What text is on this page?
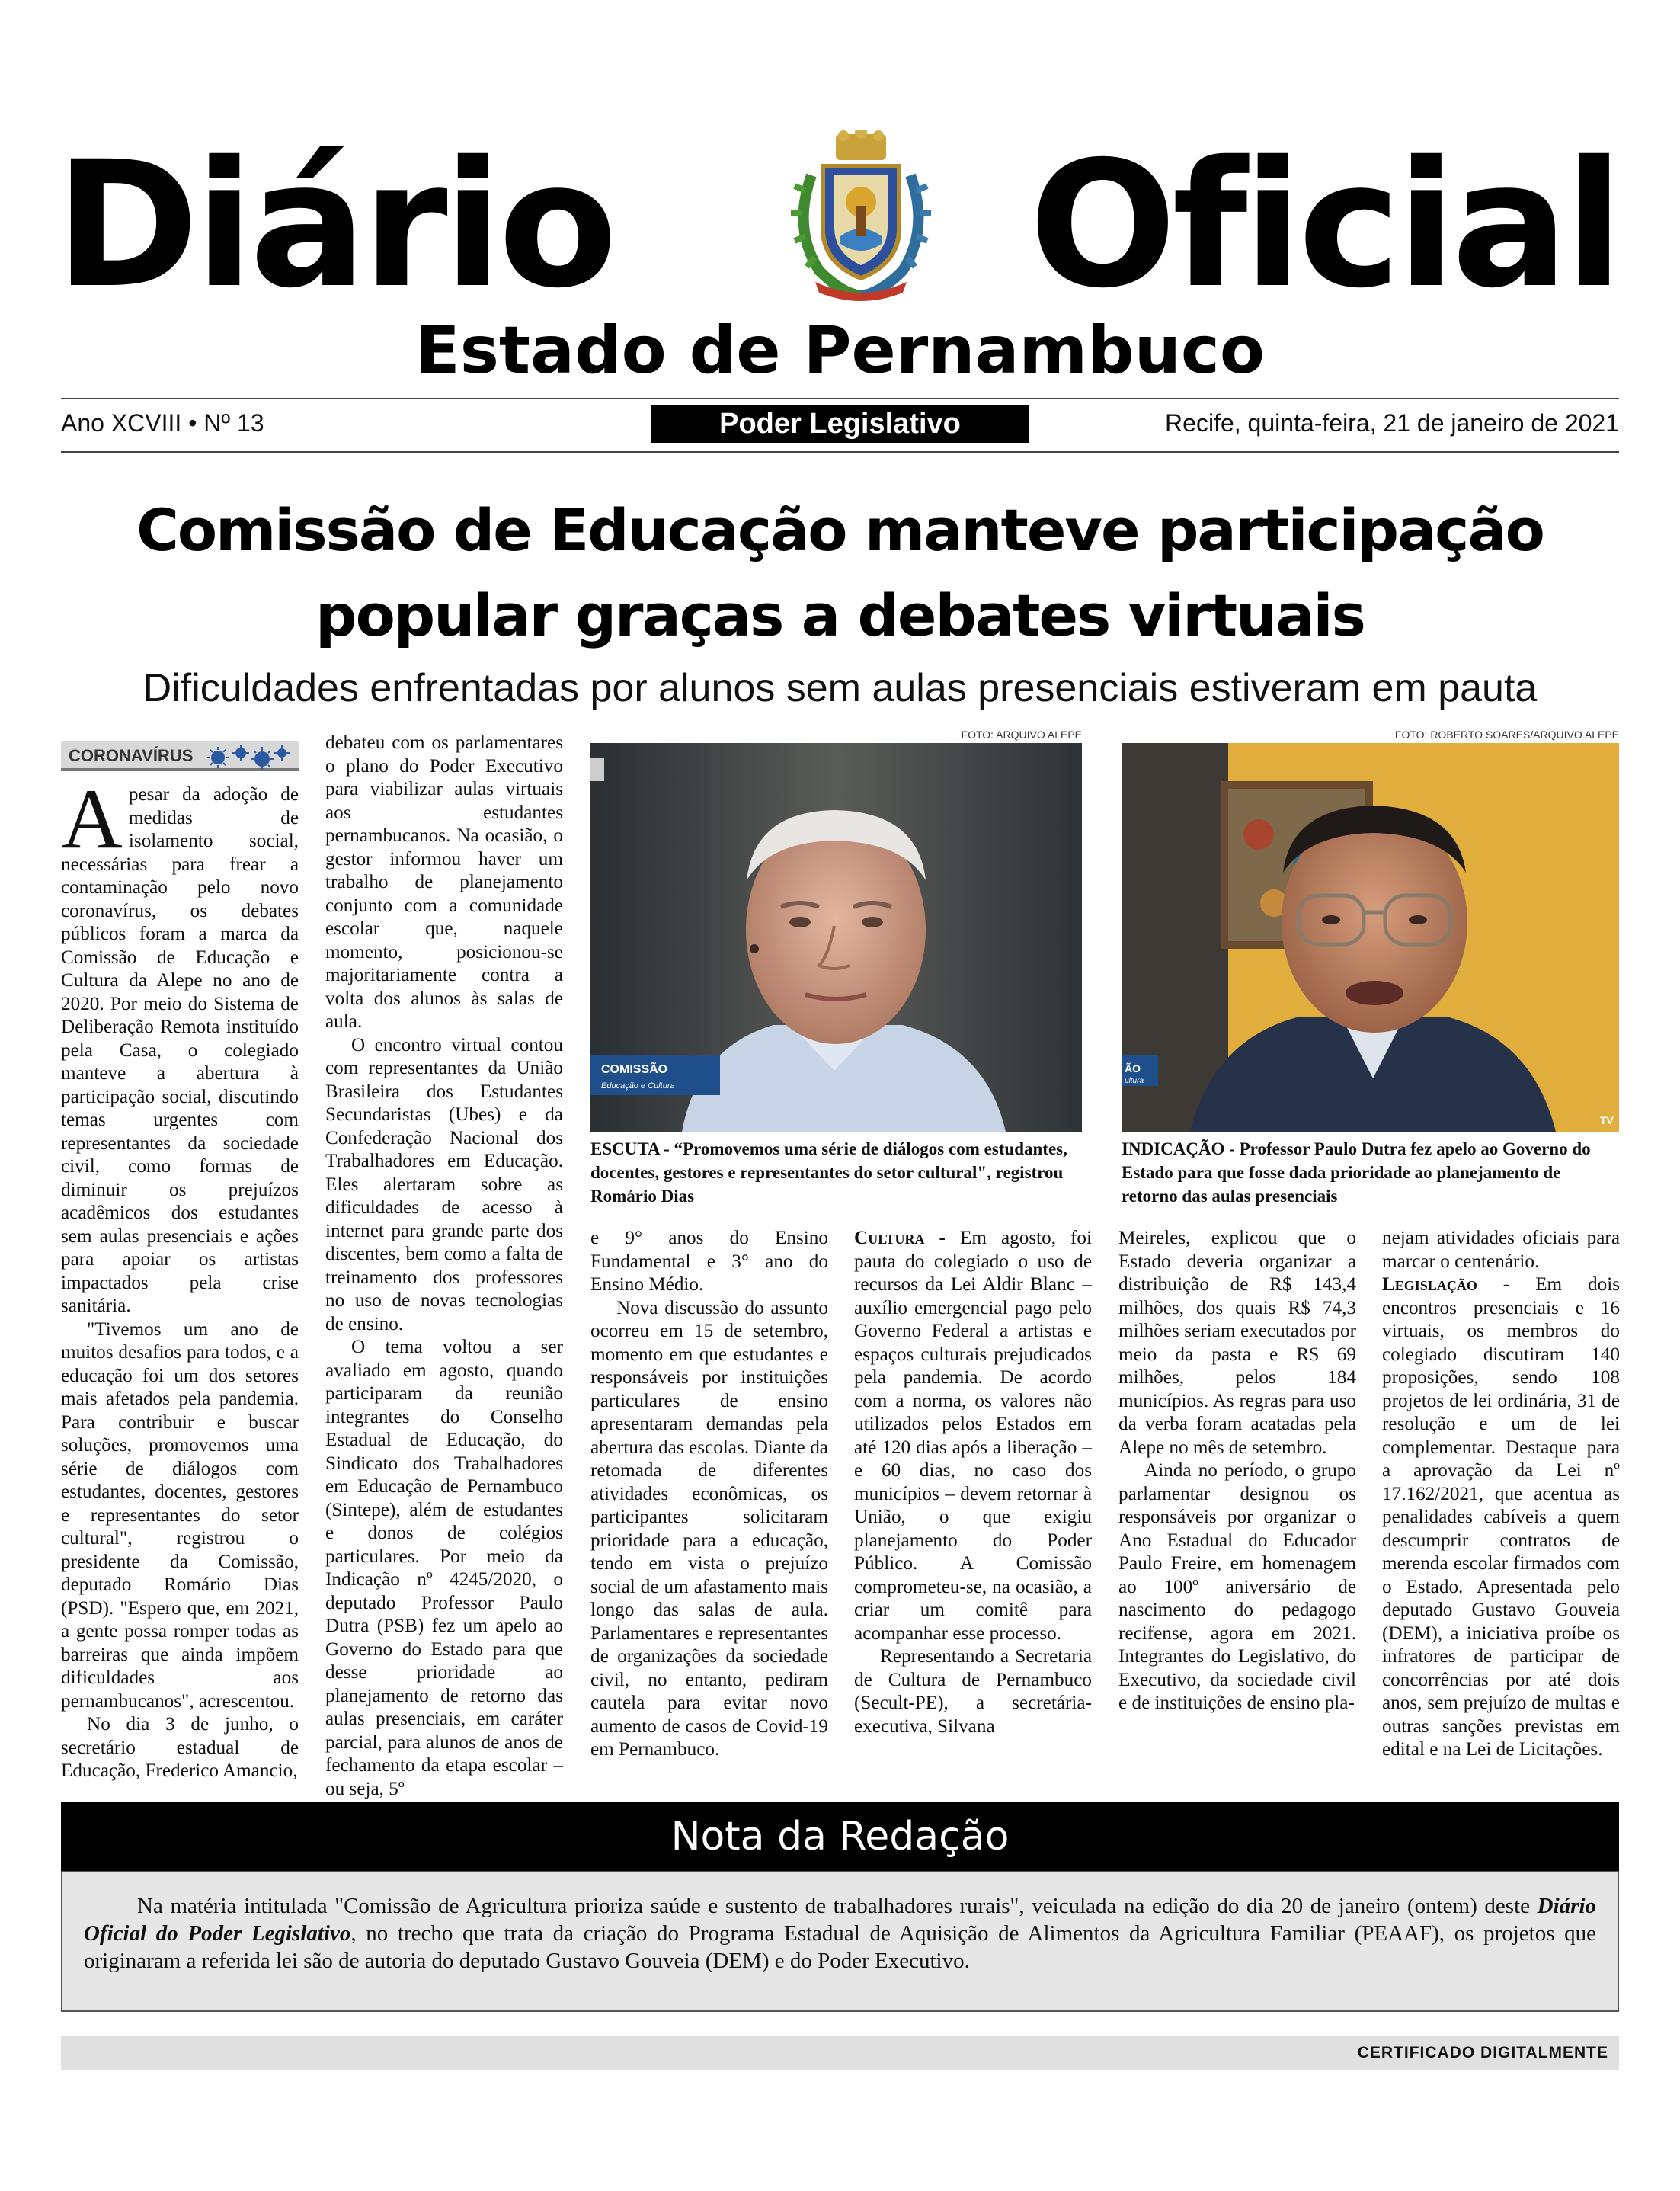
Diário Oficial
Estado de Pernambuco
Ano XCVIII • Nº 13	Poder Legislativo	Recife, quinta-feira, 21 de janeiro de 2021
Comissão de Educação manteve participação
popular graças a debates virtuais
Dificuldades enfrentadas por alunos sem aulas presenciais estiveram em pauta
CORONAVÍRUS

Apesar da adoção de medidas de isolamento social, necessárias para frear a contaminação pelo novo coronavírus, os debates públicos foram a marca da Comissão de Educação e Cultura da Alepe no ano de 2020. Por meio do Sistema de Deliberação Remota instituído pela Casa, o colegiado manteve a abertura à participação social, discutindo temas urgentes com representantes da sociedade civil, como formas de diminuir os prejuízos acadêmicos dos estudantes sem aulas presenciais e ações para apoiar os artistas impactados pela crise sanitária.

"Tivemos um ano de muitos desafios para todos, e a educação foi um dos setores mais afetados pela pandemia. Para contribuir e buscar soluções, promovemos uma série de diálogos com estudantes, docentes, gestores e representantes do setor cultural", registrou o presidente da Comissão, deputado Romário Dias (PSD). "Espero que, em 2021, a gente possa romper todas as barreiras que ainda impõem dificuldades aos pernambucanos", acrescentou.

No dia 3 de junho, o secretário estadual de Educação, Frederico Amancio,

debateu com os parlamentares o plano do Poder Executivo para viabilizar aulas virtuais aos estudantes pernambucanos. Na ocasião, o gestor informou haver um trabalho de planejamento conjunto com a comunidade escolar que, naquele momento, posicionou-se majoritariamente contra a volta dos alunos às salas de aula.

O encontro virtual contou com representantes da União Brasileira dos Estudantes Secundaristas (Ubes) e da Confederação Nacional dos Trabalhadores em Educação. Eles alertaram sobre as dificuldades de acesso à internet para grande parte dos discentes, bem como a falta de treinamento dos professores no uso de novas tecnologias de ensino.

O tema voltou a ser avaliado em agosto, quando participaram da reunião integrantes do Conselho Estadual de Educação, do Sindicato dos Trabalhadores em Educação de Pernambuco (Sintepe), além de estudantes e donos de colégios particulares. Por meio da Indicação nº 4245/2020, o deputado Professor Paulo Dutra (PSB) fez um apelo ao Governo do Estado para que desse prioridade ao planejamento de retorno das aulas presenciais, em caráter parcial, para alunos de anos de fechamento da etapa escolar – ou seja, 5º

FOTO: ARQUIVO ALEPE
COMISSÃO
Educação e Cultura
ESCUTA - “Promovemos uma série de diálogos com estudantes, docentes, gestores e representantes do setor cultural", registrou Romário Dias
FOTO: ROBERTO SOARES/ARQUIVO ALEPE
ÃO
ultura
TV
INDICAÇÃO - Professor Paulo Dutra fez apelo ao Governo do Estado para que fosse dada prioridade ao planejamento de retorno das aulas presenciais

e 9° anos do Ensino Fundamental e 3° ano do Ensino Médio.

Nova discussão do assunto ocorreu em 15 de setembro, momento em que estudantes e responsáveis por instituições particulares de ensino apresentaram demandas pela abertura das escolas. Diante da retomada de diferentes atividades econômicas, os participantes solicitaram prioridade para a educação, tendo em vista o prejuízo social de um afastamento mais longo das salas de aula. Parlamentares e representantes de organizações da sociedade civil, no entanto, pediram cautela para evitar novo aumento de casos de Covid-19 em Pernambuco.

Cultura - Em agosto, foi pauta do colegiado o uso de recursos da Lei Aldir Blanc – auxílio emergencial pago pelo Governo Federal a artistas e espaços culturais prejudicados pela pandemia. De acordo com a norma, os valores não utilizados pelos Estados em até 120 dias após a liberação – e 60 dias, no caso dos municípios – devem retornar à União, o que exigiu planejamento do Poder Público. A Comissão comprometeu-se, na ocasião, a criar um comitê para acompanhar esse processo.

Representando a Secretaria de Cultura de Pernambuco (Secult-PE), a secretária-executiva, Silvana

Meireles, explicou que o Estado deveria organizar a distribuição de R$ 143,4 milhões, dos quais R$ 74,3 milhões seriam executados por meio da pasta e R$ 69 milhões, pelos 184 municípios. As regras para uso da verba foram acatadas pela Alepe no mês de setembro.

Ainda no período, o grupo parlamentar designou os responsáveis por organizar o Ano Estadual do Educador Paulo Freire, em homenagem ao 100º aniversário de nascimento do pedagogo recifense, agora em 2021. Integrantes do Legislativo, do Executivo, da sociedade civil e de instituições de ensino pla-

nejam atividades oficiais para marcar o centenário.

Legislação - Em dois encontros presenciais e 16 virtuais, os membros do colegiado discutiram 140 proposições, sendo 108 projetos de lei ordinária, 31 de resolução e um de lei complementar. Destaque para a aprovação da Lei nº 17.162/2021, que acentua as penalidades cabíveis a quem descumprir contratos de merenda escolar firmados com o Estado. Apresentada pelo deputado Gustavo Gouveia (DEM), a iniciativa proíbe os infratores de participar de concorrências por até dois anos, sem prejuízo de multas e outras sanções previstas em edital e na Lei de Licitações.

Nota da Redação

Na matéria intitulada "Comissão de Agricultura prioriza saúde e sustento de trabalhadores rurais", veiculada na edição do dia 20 de janeiro (ontem) deste Diário Oficial do Poder Legislativo, no trecho que trata da criação do Programa Estadual de Aquisição de Alimentos da Agricultura Familiar (PEAAF), os projetos que originaram a referida lei são de autoria do deputado Gustavo Gouveia (DEM) e do Poder Executivo.

CERTIFICADO DIGITALMENTE
